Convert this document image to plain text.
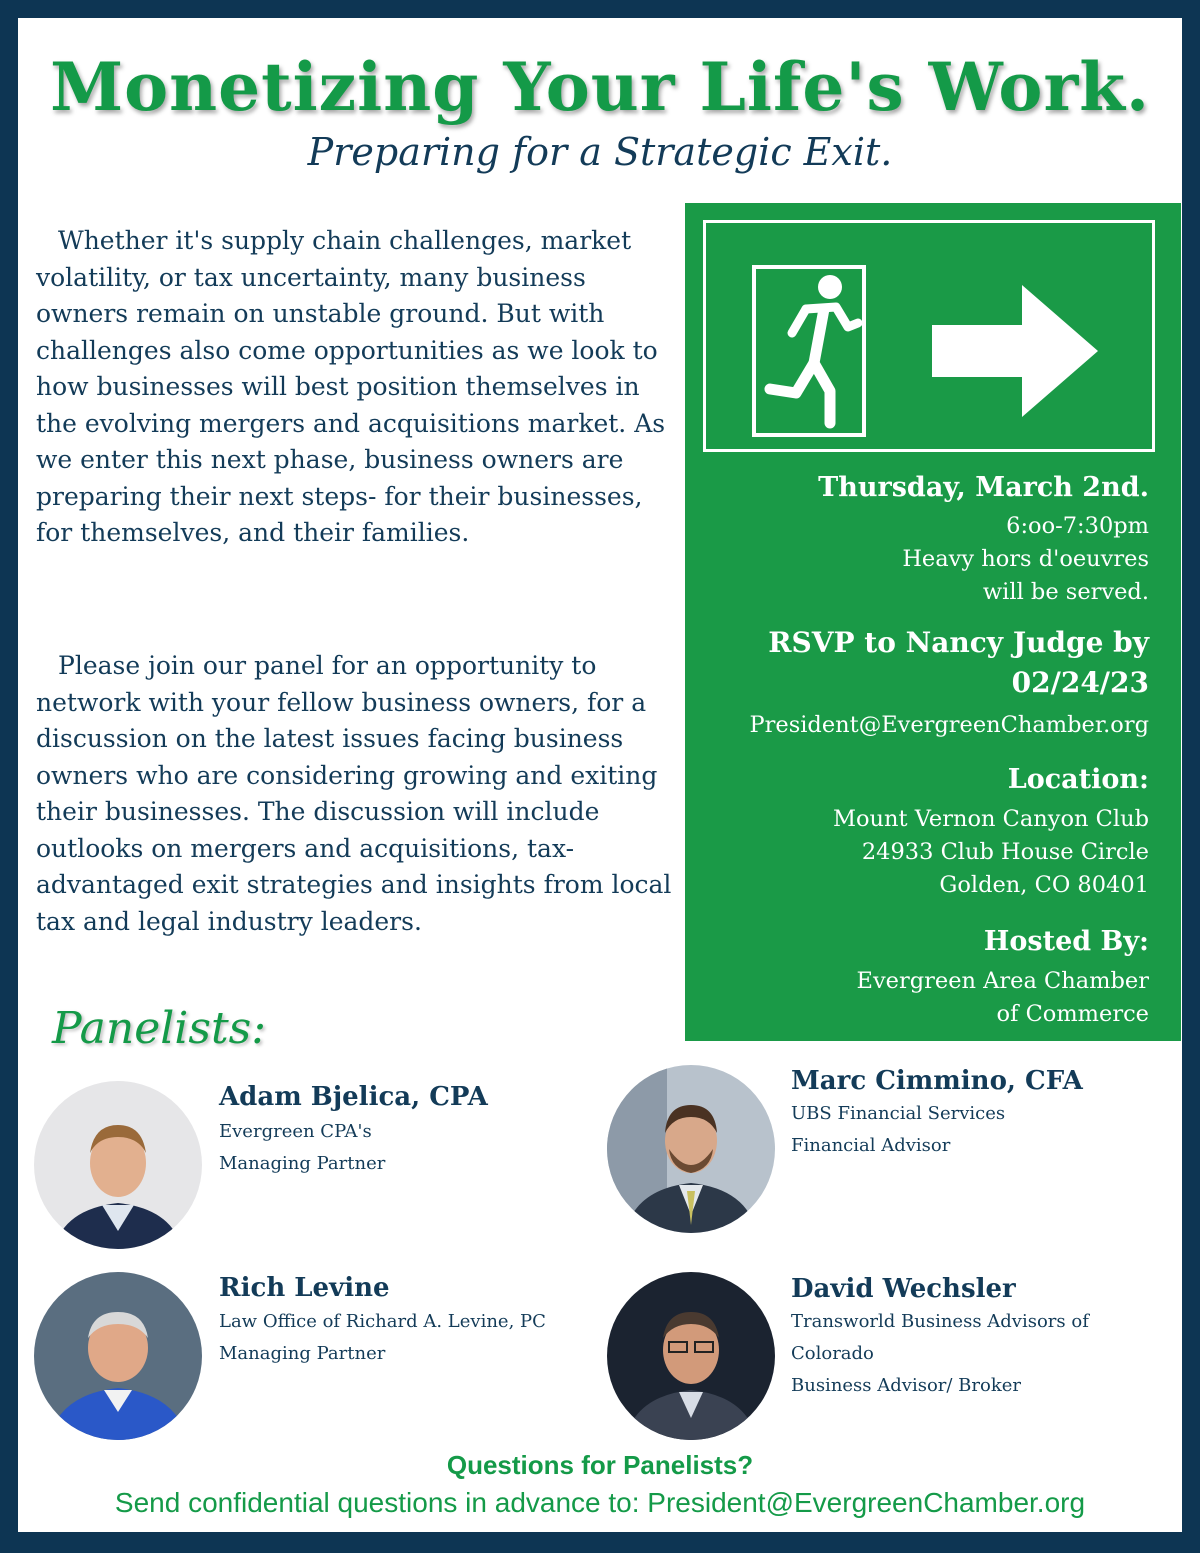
Monetizing Your Life's Work.
Preparing for a Strategic Exit.

Whether it's supply chain challenges, market volatility, or tax uncertainty, many business owners remain on unstable ground. But with challenges also come opportunities as we look to how businesses will best position themselves in the evolving mergers and acquisitions market. As we enter this next phase, business owners are preparing their next steps- for their businesses, for themselves, and their families.

Please join our panel for an opportunity to network with your fellow business owners, for a discussion on the latest issues facing business owners who are considering growing and exiting their businesses. The discussion will include outlooks on mergers and acquisitions, tax-advantaged exit strategies and insights from local tax and legal industry leaders.

Thursday, March 2nd.
6:oo-7:30pm
Heavy hors d'oeuvres
will be served.
RSVP to Nancy Judge by
02/24/23
President@EvergreenChamber.org
Location:
Mount Vernon Canyon Club
24933 Club House Circle
Golden, CO 80401
Hosted By:
Evergreen Area Chamber
of Commerce
Panelists:
Adam Bjelica, CPA
Evergreen CPA's
Managing Partner
Marc Cimmino, CFA
UBS Financial Services
Financial Advisor
Rich Levine
Law Office of Richard A. Levine, PC
Managing Partner
David Wechsler
Transworld Business Advisors of
Colorado
Business Advisor/ Broker
Questions for Panelists?
Send confidential questions in advance to: President@EvergreenChamber.org
